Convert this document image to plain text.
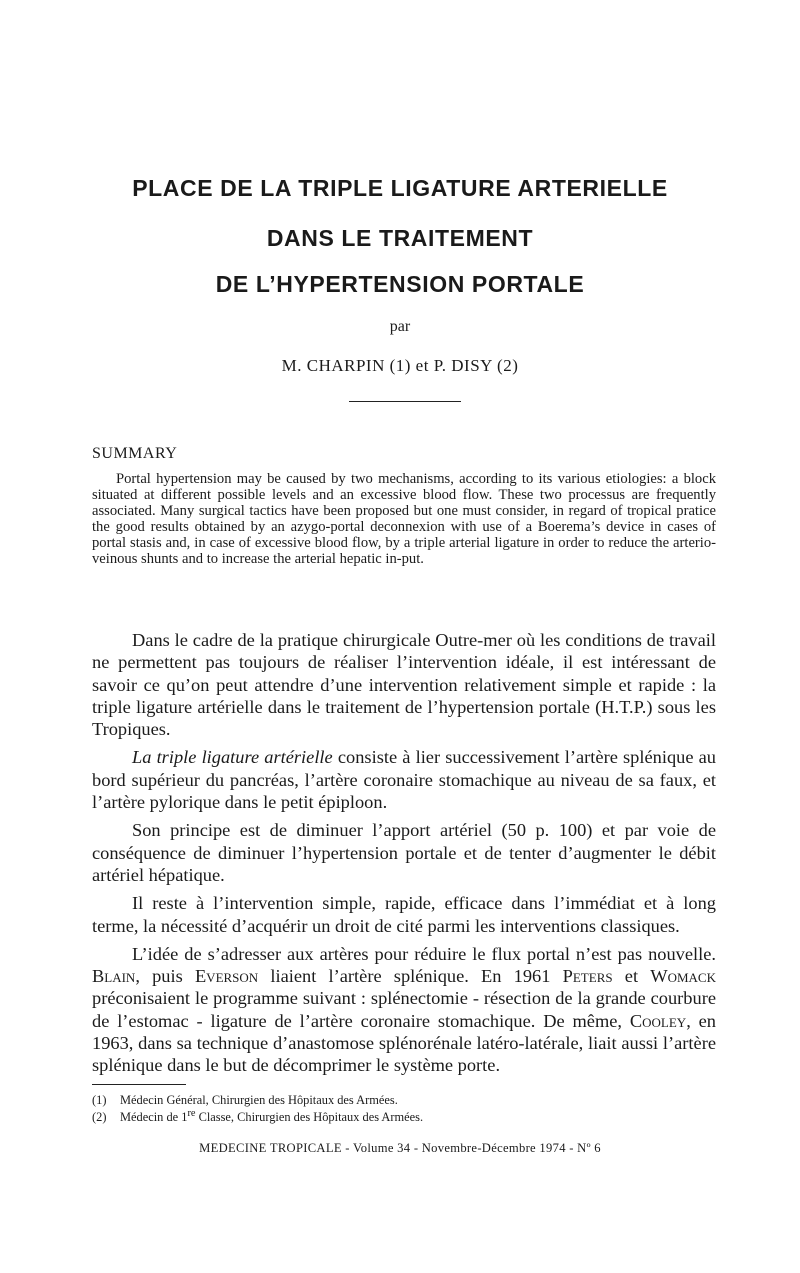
PLACE DE LA TRIPLE LIGATURE ARTERIELLE
DANS LE TRAITEMENT
DE L’HYPERTENSION PORTALE
par
M. CHARPIN (1) et P. DISY (2)
SUMMARY

Portal hypertension may be caused by two mechanisms, according to its various etiologies: a block situated at different possible levels and an excessive blood flow. These two processus are frequently associated. Many surgical tactics have been proposed but one must consider, in regard of tropical pratice the good results obtained by an azygo-portal deconnexion with use of a Boerema’s device in cases of portal stasis and, in case of excessive blood flow, by a triple arterial ligature in order to reduce the arterio-veinous shunts and to increase the arterial hepatic in-put.

Dans le cadre de la pratique chirurgicale Outre-mer où les conditions de travail ne permettent pas toujours de réaliser l’intervention idéale, il est intéressant de savoir ce qu’on peut attendre d’une intervention relativement simple et rapide : la triple ligature artérielle dans le traitement de l’hypertension portale (H.T.P.) sous les Tropiques.

La triple ligature artérielle consiste à lier successivement l’artère splénique au bord supérieur du pancréas, l’artère coronaire stomachique au niveau de sa faux, et l’artère pylorique dans le petit épiploon.

Son principe est de diminuer l’apport artériel (50 p. 100) et par voie de conséquence de diminuer l’hypertension portale et de tenter d’augmenter le débit artériel hépatique.

Il reste à l’intervention simple, rapide, efficace dans l’immédiat et à long terme, la nécessité d’acquérir un droit de cité parmi les interventions classiques.

L’idée de s’adresser aux artères pour réduire le flux portal n’est pas nouvelle. Blain, puis Everson liaient l’artère splénique. En 1961 Peters et Womack préconisaient le programme suivant : splénectomie - résection de la grande courbure de l’estomac - ligature de l’artère coronaire stomachique. De même, Cooley, en 1963, dans sa technique d’anastomose splénorénale latéro-latérale, liait aussi l’artère splénique dans le but de décomprimer le système porte.

(1) Médecin Général, Chirurgien des Hôpitaux des Armées.
(2) Médecin de 1re Classe, Chirurgien des Hôpitaux des Armées.
MEDECINE TROPICALE - Volume 34 - Novembre-Décembre 1974 - Nº 6
